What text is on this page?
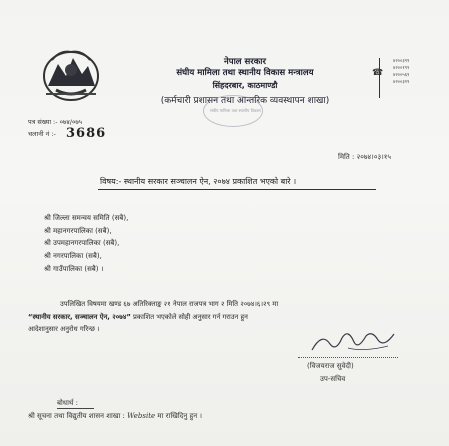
नेपाल सरकार
संघीय मामिला तथा स्थानीय विकास मन्त्रालय
सिंहदरबार, काठमाण्डौ
(कर्मचारी प्रशासन तथा आन्तरिक व्यवस्थापन शाखा)
☎
४२००३९९
४२००१९९
४२००५६९
४२००३१९
संघीय मामिला तथा स्थानीय विकास
पत्र संख्या :- ०७४/०७५
चलानी नं :- 3686
मिति : २०७४।०३।१५
विषय:- स्थानीय सरकार सञ्चालन ऐन, २०७४ प्रकाशित भएको बारे ।
श्री जिल्ला समन्वय समिति (सबै),
श्री महानगरपालिका (सबै),
श्री उपमहानगरपालिका (सबै),
श्री नगरपालिका (सबै),
श्री गाउँपालिका (सबै) ।

उपलिखित विषयमा खण्ड ६७ अतिरिक्ताङ्क २१ नेपाल राजपत्र भाग २ मिति २०७४।६।२९ मा

“स्थानीय सरकार, सञ्चालन ऐन, २०७४” प्रकाशित भएकोले सोही अनुसार गर्न गराउन हुन

आदेशानुसार अनुरोध गरिन्छ ।

(विजयराज सुवेदी)
उप-सचिव
बोधार्थ :
श्री सूचना तथा विद्युतीय शासन शाखा : Website मा राखिदिनु हुन ।
